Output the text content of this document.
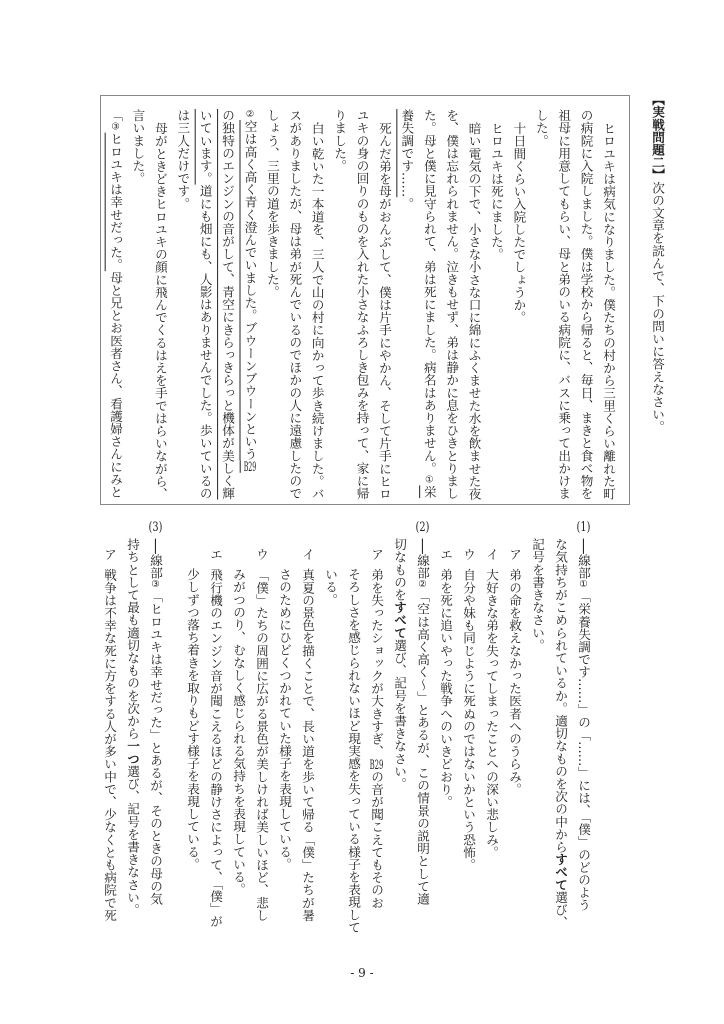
【実戦問題二】次の文章を読んで、下の問いに答えなさい。
ヒロユキは病気になりました。僕たちの村から三里くらい離れた町
の病院に入院しました。僕は学校から帰ると、毎日、まきと食べ物を
祖母に用意してもらい、母と弟のいる病院に、バスに乗って出かけま
した。
十日間くらい入院したでしょうか。
ヒロユキは死にました。
暗い電気の下で、小さな小さな口に綿にふくませた水を飲ませた夜
を、僕は忘れられません。泣きもせず、弟は静かに息をひきとりまし
た。母と僕に見守られて、弟は死にました。病名はありません。①栄
養失調です……。
死んだ弟を母がおんぶして、僕は片手にやかん、そして片手にヒロ
ユキの身の回りのものを入れた小さなふろしき包みを持って、家に帰
りました。
白い乾いた一本道を、三人で山の村に向かって歩き続けました。バ
スがありましたが、母は弟が死んでいるのでほかの人に遠慮したので
しょう、三里の道を歩きました。
②空は高く高く青く澄んでいました。ブウーンブウーンというB29
の独特のエンジンの音がして、青空にきらっきらっと機体が美しく輝
いています。道にも畑にも、人影はありませんでした。歩いているの
は三人だけです。
母がときどきヒロユキの顔に飛んでくるはえを手ではらいながら、
言いました。
「③ヒロユキは幸せだった。母と兄とお医者さん、看護婦さんにみと
(1)──線部①「栄養失調です……」の「……」には、「僕」のどのよう
な気持ちがこめられているか。適切なものを次の中からすべて選び、
記号を書きなさい。
ア弟の命を救えなかった医者へのうらみ。
イ大好きな弟を失ってしまったことへの深い悲しみ。
ウ自分や妹も同じように死ぬのではないかという恐怖。
エ弟を死に追いやった戦争へのいきどおり。
(2)──線部②「空は高く高く～」とあるが、この情景の説明として適
切なものをすべて選び、記号を書きなさい。
ア弟を失ったショックが大きすぎ、B29の音が聞こえてもそのお
そろしさを感じられないほど現実感を失っている様子を表現して
いる。
イ真夏の景色を描くことで、長い道を歩いて帰る「僕」たちが暑
さのためにひどくつかれていた様子を表現している。
ウ「僕」たちの周囲に広がる景色が美しければ美しいほど、悲し
みがつのり、むなしく感じられる気持ちを表現している。
エ飛行機のエンジン音が聞こえるほどの静けさによって、「僕」が
少しずつ落ち着きを取りもどす様子を表現している。
(3)──線部③「ヒロユキは幸せだった」とあるが、そのときの母の気
持ちとして最も適切なものを次から一つ選び、記号を書きなさい。
ア戦争は不幸な死に方をする人が多い中で、少なくとも病院で死
- 9 -
